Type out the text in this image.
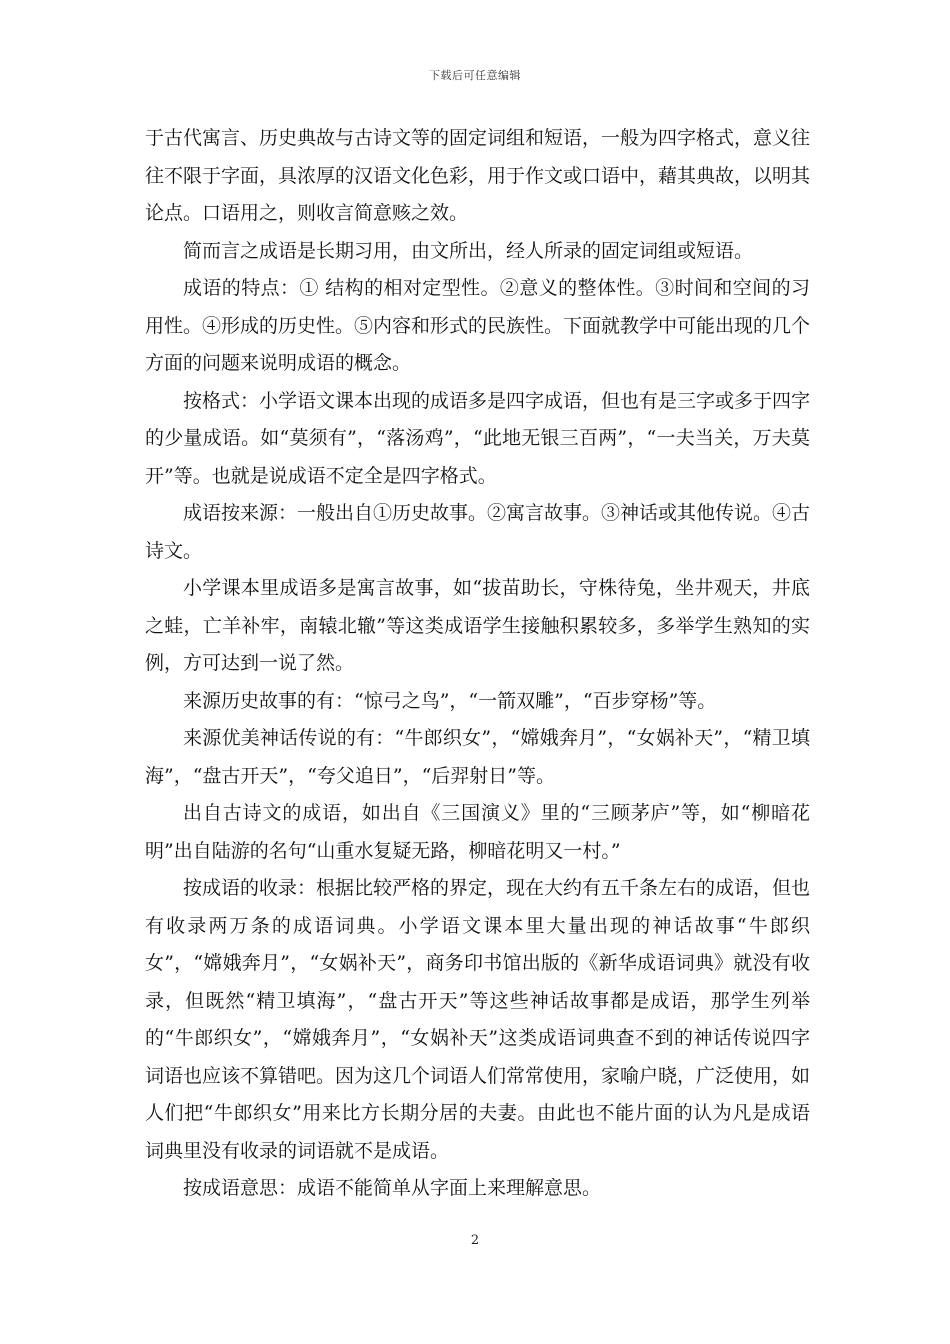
下载后可任意编辑

于古代寓言、历史典故与古诗文等的固定词组和短语，一般为四字格式，意义往往不限于字面，具浓厚的汉语文化色彩，用于作文或口语中，藉其典故，以明其论点。口语用之，则收言简意赅之效。

简而言之成语是长期习用，由文所出，经人所录的固定词组或短语。

成语的特点：① 结构的相对定型性。②意义的整体性。③时间和空间的习用性。④形成的历史性。⑤内容和形式的民族性。下面就教学中可能出现的几个方面的问题来说明成语的概念。

按格式：小学语文课本出现的成语多是四字成语，但也有是三字或多于四字的少量成语。如“莫须有”，“落汤鸡”，“此地无银三百两”，“一夫当关，万夫莫开”等。也就是说成语不定全是四字格式。

成语按来源：一般出自①历史故事。②寓言故事。③神话或其他传说。④古诗文。

小学课本里成语多是寓言故事，如“拔苗助长，守株待兔，坐井观天，井底之蛙，亡羊补牢，南辕北辙”等这类成语学生接触积累较多，多举学生熟知的实例，方可达到一说了然。

来源历史故事的有：“惊弓之鸟”，“一箭双雕”，“百步穿杨”等。

来源优美神话传说的有：“牛郎织女”，“嫦娥奔月”，“女娲补天”，“精卫填海”，“盘古开天”，“夸父追日”，“后羿射日”等。

出自古诗文的成语，如出自《三国演义》里的“三顾茅庐”等，如“柳暗花明”出自陆游的名句“山重水复疑无路，柳暗花明又一村。”

按成语的收录：根据比较严格的界定，现在大约有五千条左右的成语，但也有收录两万条的成语词典。小学语文课本里大量出现的神话故事“牛郎织女”，“嫦娥奔月”，“女娲补天”，商务印书馆出版的《新华成语词典》就没有收录，但既然“精卫填海”，“盘古开天”等这些神话故事都是成语，那学生列举的“牛郎织女”，“嫦娥奔月”，“女娲补天”这类成语词典查不到的神话传说四字词语也应该不算错吧。因为这几个词语人们常常使用，家喻户晓，广泛使用，如人们把“牛郎织女”用来比方长期分居的夫妻。由此也不能片面的认为凡是成语词典里没有收录的词语就不是成语。

按成语意思：成语不能简单从字面上来理解意思。

2
